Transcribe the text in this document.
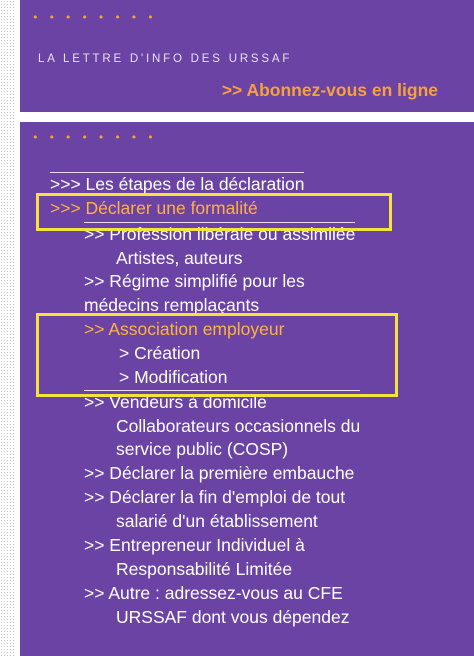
• • • • • • • •
LA LETTRE D'INFO DES URSSAF
>> Abonnez-vous en ligne
• • • • • • • •
>>> Les étapes de la déclaration
>>> Déclarer une formalité
>> Profession libérale ou assimilée
Artistes, auteurs
>> Régime simplifié pour les
médecins remplaçants
>> Association employeur
> Création
> Modification
>> Vendeurs à domicile
Collaborateurs occasionnels du
service public (COSP)
>> Déclarer la première embauche
>> Déclarer la fin d'emploi de tout
salarié d'un établissement
>> Entrepreneur Individuel à
Responsabilité Limitée
>> Autre : adressez-vous au CFE
URSSAF dont vous dépendez
